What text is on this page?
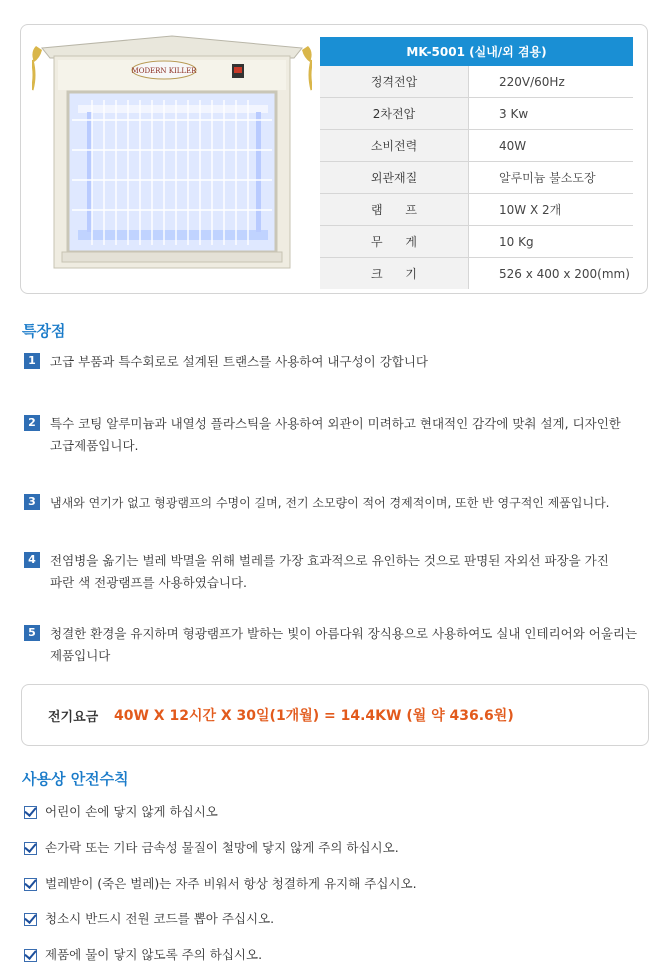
MODERN KILLER
MK-5001 (실내/외 겸용)	
정격전압	220V/60Hz
2차전압	3 Kw
소비전력	40W
외관재질	알루미늄 불소도장
램      프	10W X 2개
무      게	10 Kg
크      기	526 x 400 x 200(mm)
특장점
1	고급 부품과 특수회로로 설계된 트랜스를 사용하여 내구성이 강합니다
2	특수 코팅 알루미늄과 내열성 플라스틱을 사용하여 외관이 미려하고 현대적인 감각에 맞춰 설계, 디자인한 고급제품입니다.
3	냄새와 연기가 없고 형광램프의 수명이 길며, 전기 소모량이 적어 경제적이며, 또한 반 영구적인 제품입니다.
4	전염병을 옮기는 벌레 박멸을 위해 벌레를 가장 효과적으로 유인하는 것으로 판명된 자외선 파장을 가진 파란 색 전광램프를 사용하였습니다.
5	청결한 환경을 유지하며 형광램프가 발하는 빛이 아름다워 장식용으로 사용하여도 실내 인테리어와 어울리는 제품입니다
전기요금 40W X 12시간 X 30일(1개월) = 14.4KW (월 약 436.6원)
사용상 안전수칙
어린이 손에 닿지 않게 하십시오
손가락 또는 기타 금속성 물질이 철망에 닿지 않게 주의 하십시오.
벌레받이 (죽은 벌레)는 자주 비워서 항상 청결하게 유지해 주십시오.
청소시 반드시 전원 코드를 뽑아 주십시오.
제품에 물이 닿지 않도록 주의 하십시오.
